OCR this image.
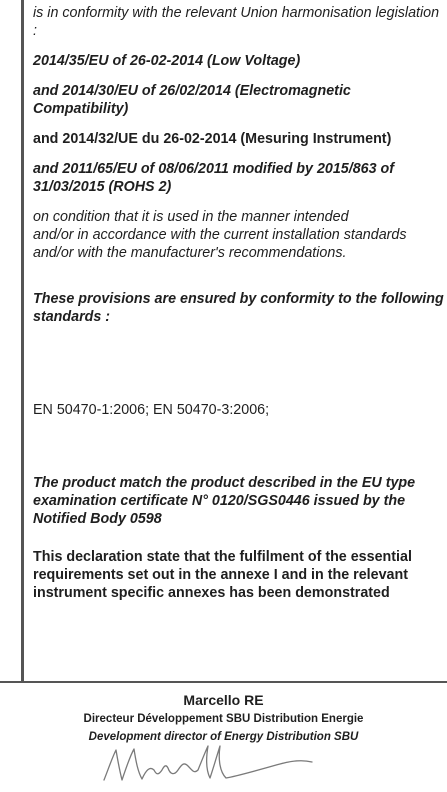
is in conformity with the relevant Union harmonisation legislation :

2014/35/EU of 26-02-2014 (Low Voltage)

and 2014/30/EU of 26/02/2014 (Electromagnetic Compatibility)

and 2014/32/UE du 26-02-2014 (Mesuring Instrument)

and 2011/65/EU of 08/06/2011 modified by 2015/863 of 31/03/2015 (ROHS 2)

on condition that it is used in the manner intended

and/or in accordance with the current installation standards

and/or with the manufacturer's recommendations.

These provisions are ensured by conformity to the following standards :

EN 50470-1:2006; EN 50470-3:2006;

The product match the product described in the EU type examination certificate N° 0120/SGS0446 issued by the Notified Body 0598

This declaration state that the fulfilment of the essential requirements set out in the annexe I and in the relevant instrument specific annexes has been demonstrated

Marcello RE
Directeur Développement SBU Distribution Energie
Development director of Energy Distribution SBU
